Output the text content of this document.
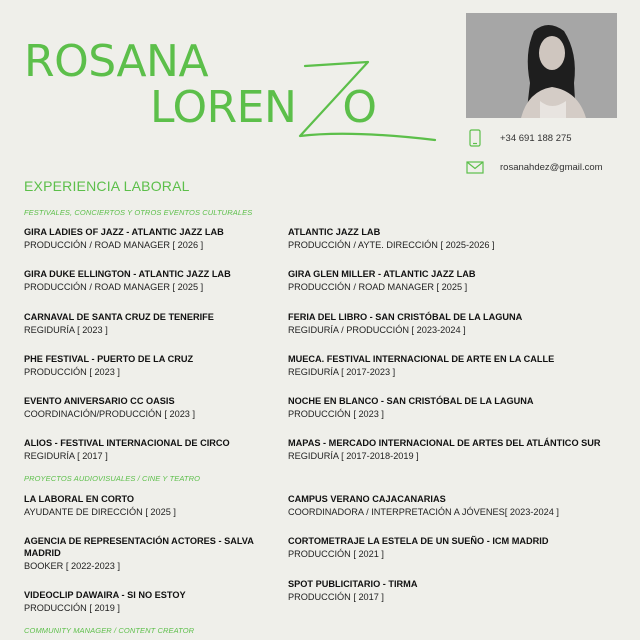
ROSANA
LOREN O
+34 691 188 275
rosanahdez@gmail.com
EXPERIENCIA LABORAL
FESTIVALES, CONCIERTOS Y OTROS EVENTOS CULTURALES
GIRA LADIES OF JAZZ - ATLANTIC JAZZ LAB
PRODUCCIÓN / ROAD MANAGER [ 2026 ]
ATLANTIC JAZZ LAB
PRODUCCIÓN / AYTE. DIRECCIÓN [ 2025-2026 ]
GIRA DUKE ELLINGTON - ATLANTIC JAZZ LAB
PRODUCCIÓN / ROAD MANAGER [ 2025 ]
GIRA GLEN MILLER - ATLANTIC JAZZ LAB
PRODUCCIÓN / ROAD MANAGER [ 2025 ]
CARNAVAL DE SANTA CRUZ DE TENERIFE
REGIDURÍA [ 2023 ]
FERIA DEL LIBRO - SAN CRISTÓBAL DE LA LAGUNA
REGIDURÍA / PRODUCCIÓN [ 2023-2024 ]
PHE FESTIVAL - PUERTO DE LA CRUZ
PRODUCCIÓN [ 2023 ]
MUECA. FESTIVAL INTERNACIONAL DE ARTE EN LA CALLE
REGIDURÍA [ 2017-2023 ]
EVENTO ANIVERSARIO CC OASIS
COORDINACIÓN/PRODUCCIÓN [ 2023 ]
NOCHE EN BLANCO - SAN CRISTÓBAL DE LA LAGUNA
PRODUCCIÓN [ 2023 ]
ALIOS - FESTIVAL INTERNACIONAL DE CIRCO
REGIDURÍA [ 2017 ]
MAPAS - MERCADO INTERNACIONAL DE ARTES DEL ATLÁNTICO SUR
REGIDURÍA [ 2017-2018-2019 ]
PROYECTOS AUDIOVISUALES / CINE Y TEATRO
LA LABORAL EN CORTO
AYUDANTE DE DIRECCIÓN [ 2025 ]
CAMPUS VERANO CAJACANARIAS
COORDINADORA / INTERPRETACIÓN A JÓVENES[ 2023-2024 ]
AGENCIA DE REPRESENTACIÓN ACTORES - SALVA MADRID
BOOKER [ 2022-2023 ]
CORTOMETRAJE LA ESTELA DE UN SUEÑO - ICM MADRID
PRODUCCIÓN [ 2021 ]
VIDEOCLIP DAWAIRA - SI NO ESTOY
PRODUCCIÓN [ 2019 ]
SPOT PUBLICITARIO - TIRMA
PRODUCCIÓN [ 2017 ]
COMMUNITY MANAGER / CONTENT CREATOR
